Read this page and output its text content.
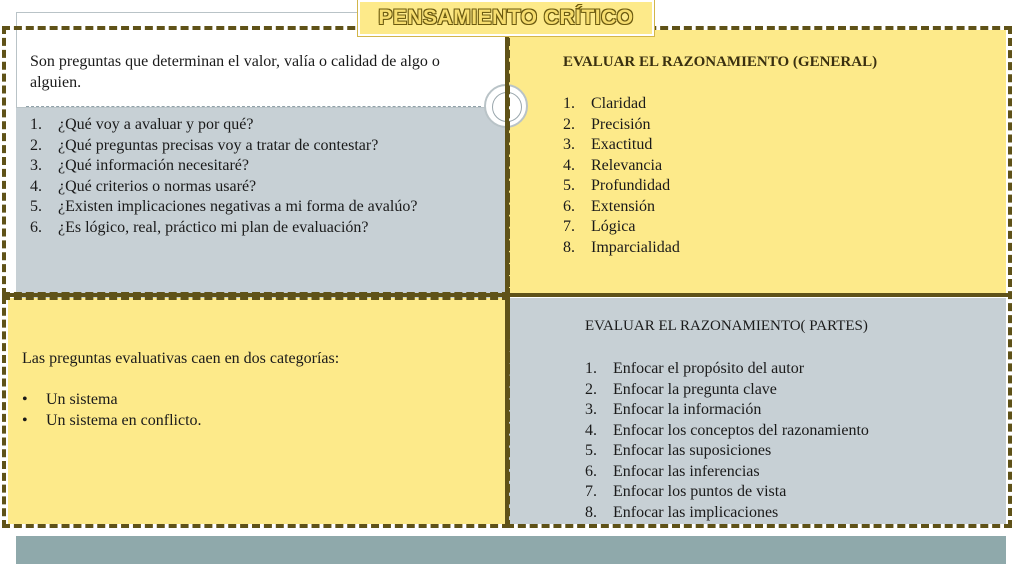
PENSAMIENTO CRÍTICO
Son preguntas que determinan el valor, valía o calidad de algo o alguien.
1.	¿Qué voy a avaluar y por qué?
2.	¿Qué preguntas precisas voy a tratar de contestar?
3.	¿Qué información necesitaré?
4.	¿Qué criterios o normas usaré?
5.	¿Existen implicaciones negativas a mi forma de avalúo?
6.	¿Es lógico, real, práctico mi plan de evaluación?
EVALUAR EL RAZONAMIENTO (GENERAL)
1. Claridad
2. Precisión
3. Exactitud
4. Relevancia
5. Profundidad
6. Extensión
7. Lógica
8. Imparcialidad
Las preguntas evaluativas caen en dos categorías:
• Un sistema
• Un sistema en conflicto.
EVALUAR EL RAZONAMIENTO( PARTES)
1. Enfocar el propósito del autor
2. Enfocar la pregunta clave
3. Enfocar la información
4. Enfocar los conceptos del razonamiento
5. Enfocar las suposiciones
6. Enfocar las inferencias
7. Enfocar los puntos de vista
8. Enfocar las implicaciones
